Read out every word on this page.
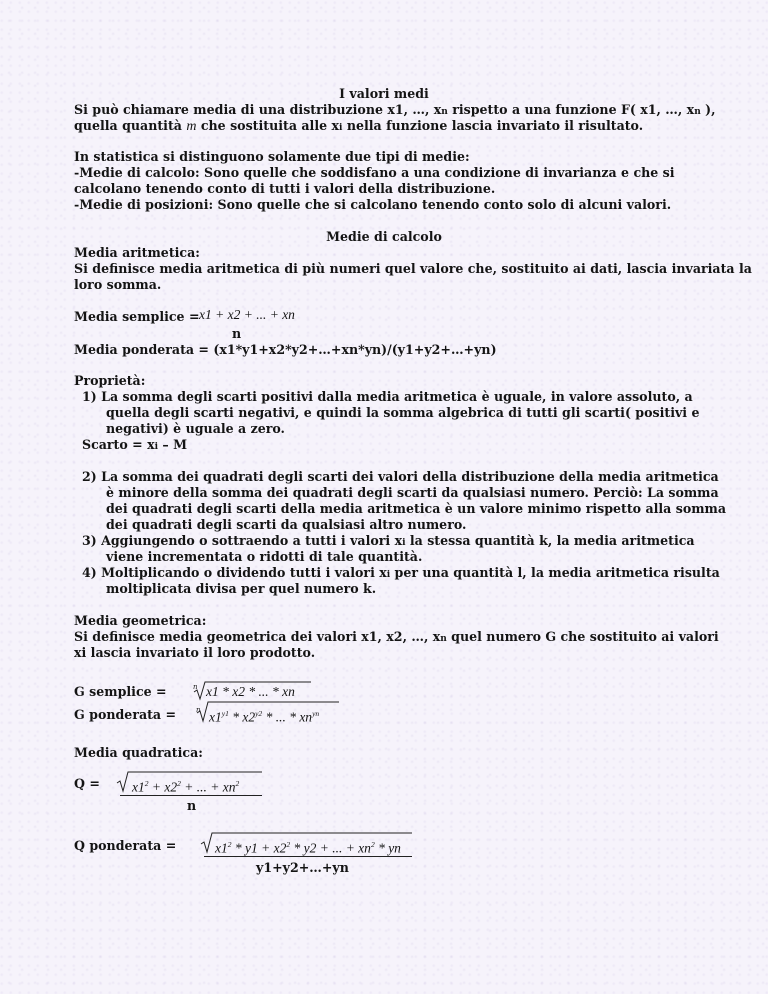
I valori medi
Si può chiamare media di una distribuzione x1, …, xn rispetto a una funzione F( x1, …, xn ),
quella quantità m che sostituita alle xi nella funzione lascia invariato il risultato.
In statistica si distinguono solamente due tipi di medie:
-Medie di calcolo: Sono quelle che soddisfano a una condizione di invarianza e che si
calcolano tenendo conto di tutti i valori della distribuzione.
-Medie di posizioni: Sono quelle che si calcolano tenendo conto solo di alcuni valori.
Medie di calcolo
Media aritmetica:
Si definisce media aritmetica di più numeri quel valore che, sostituito ai dati, lascia invariata la
loro somma.
Media semplice = x1 + x2 + ... + xn
n
Media ponderata = (x1*y1+x2*y2+…+xn*yn)/(y1+y2+…+yn)
Proprietà:
1) La somma degli scarti positivi dalla media aritmetica è uguale, in valore assoluto, a
quella degli scarti negativi, e quindi la somma algebrica di tutti gli scarti( positivi e
negativi) è uguale a zero.
Scarto = xi – M
2) La somma dei quadrati degli scarti dei valori della distribuzione della media aritmetica
è minore della somma dei quadrati degli scarti da qualsiasi numero. Perciò: La somma
dei quadrati degli scarti della media aritmetica è un valore minimo rispetto alla somma
dei quadrati degli scarti da qualsiasi altro numero.
3) Aggiungendo o sottraendo a tutti i valori xi la stessa quantità k, la media aritmetica
viene incrementata o ridotti di tale quantità.
4) Moltiplicando o dividendo tutti i valori xi per una quantità l, la media aritmetica risulta
moltiplicata divisa per quel numero k.
Media geometrica:
Si definisce media geometrica dei valori x1, x2, …, xn quel numero G che sostituito ai valori
xi lascia invariato il loro prodotto.
G semplice =	n x1 * x2 * ... * xn
G ponderata =	n $x1^{y1} * x2^{y2}$ * ... * $xn^{yn}$
Media quadratica:
$Q = x1^2 + x2^2$ + ... + $xn^2$
n
Q ponderata =	$x1^2 * y1 + x2^2 * y2$ + ... + $xn^2$ * yn
y1+y2+…+yn
